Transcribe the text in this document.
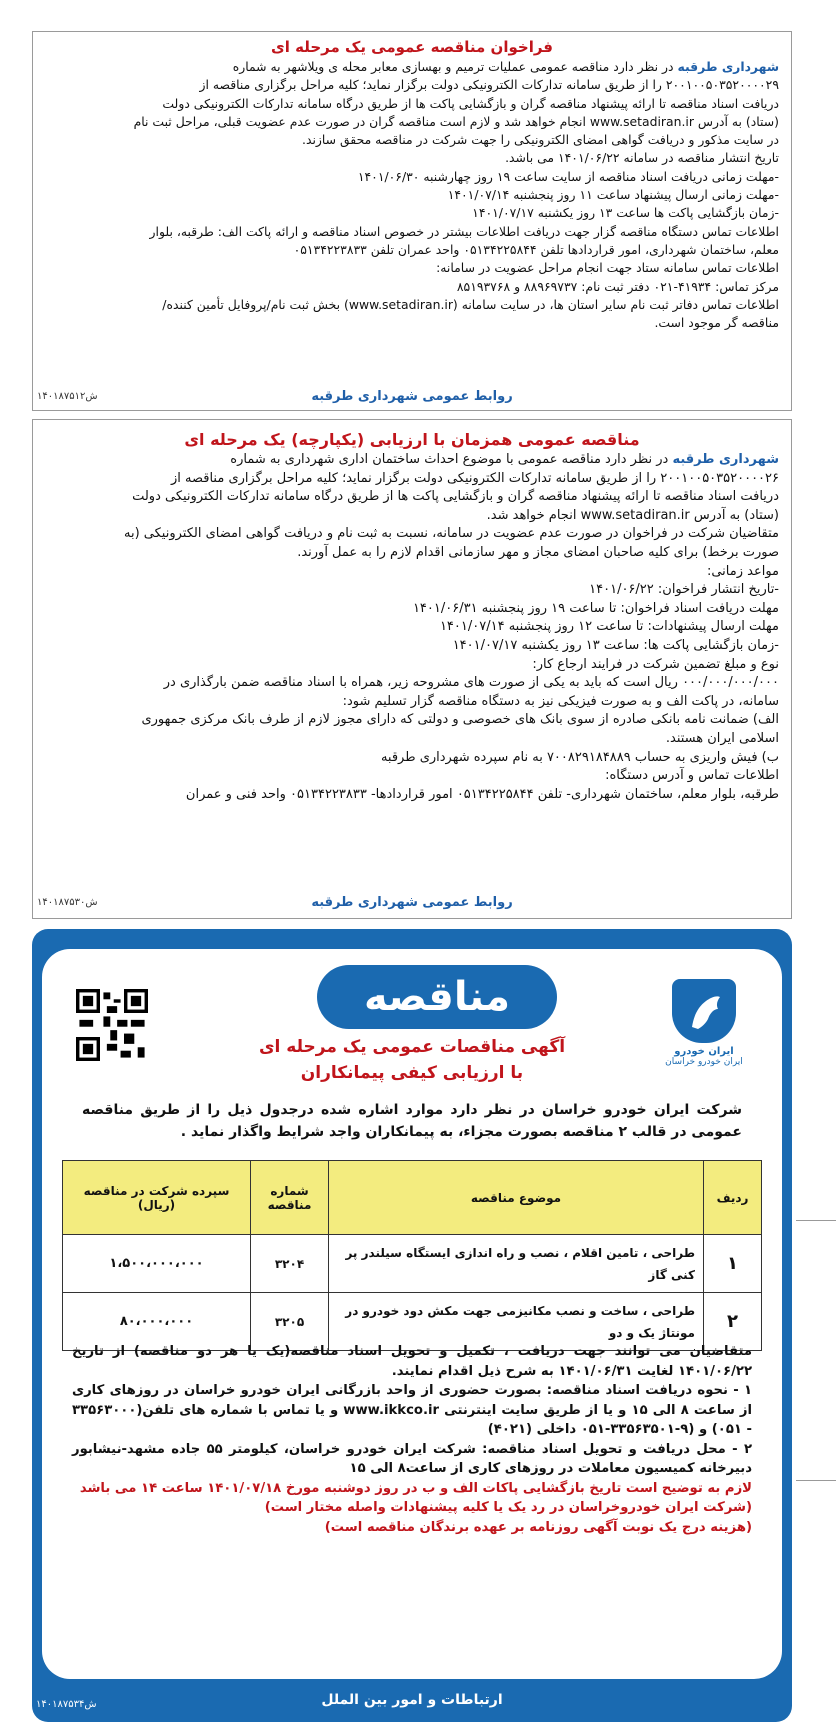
فراخوان مناقصه عمومی یک مرحله ای

شهرداری طرقبه در نظر دارد مناقصه عمومی عملیات ترمیم و بهسازی معابر محله ی ویلاشهر به شماره

۲۰۰۱۰۰۵۰۳۵۲۰۰۰۰۲۹ را از طریق سامانه تدارکات الکترونیکی دولت برگزار نماید؛ کلیه مراحل برگزاری مناقصه از

دریافت اسناد مناقصه تا ارائه پیشنهاد مناقصه گران و بازگشایی پاکت ها از طریق درگاه سامانه تدارکات الکترونیکی دولت

(ستاد) به آدرس www.setadiran.ir انجام خواهد شد و لازم است مناقصه گران در صورت عدم عضویت قبلی، مراحل ثبت نام

در سایت مذکور و دریافت گواهی امضای الکترونیکی را جهت شرکت در مناقصه محقق سازند.

تاریخ انتشار مناقصه در سامانه ۱۴۰۱/۰۶/۲۲ می باشد.

-مهلت زمانی دریافت اسناد مناقصه از سایت ساعت ۱۹ روز چهارشنبه ۱۴۰۱/۰۶/۳۰

-مهلت زمانی ارسال پیشنهاد ساعت ۱۱ روز پنجشنبه ۱۴۰۱/۰۷/۱۴

-زمان بازگشایی پاکت ها ساعت ۱۳ روز یکشنبه ۱۴۰۱/۰۷/۱۷

اطلاعات تماس دستگاه مناقصه گزار جهت دریافت اطلاعات بیشتر در خصوص اسناد مناقصه و ارائه پاکت الف: طرقبه، بلوار

معلم، ساختمان شهرداری، امور قراردادها تلفن ۰۵۱۳۴۲۲۵۸۴۴ واحد عمران تلفن ۰۵۱۳۴۲۲۳۸۳۳

اطلاعات تماس سامانه ستاد جهت انجام مراحل عضویت در سامانه:

مرکز تماس: ۴۱۹۳۴-۰۲۱ دفتر ثبت نام: ۸۸۹۶۹۷۳۷ و ۸۵۱۹۳۷۶۸

اطلاعات تماس دفاتر ثبت نام سایر استان ها، در سایت سامانه (www.setadiran.ir) بخش ثبت نام/پروفایل تأمین کننده/

مناقصه گر موجود است.

روابط عمومی شهرداری طرقبه
ش۱۴۰۱۸۷۵۱۲
مناقصه عمومی همزمان با ارزیابی (یکپارچه) یک مرحله ای

شهرداری طرقبه در نظر دارد مناقصه عمومی با موضوع احداث ساختمان اداری شهرداری به شماره

۲۰۰۱۰۰۵۰۳۵۲۰۰۰۰۲۶ را از طریق سامانه تدارکات الکترونیکی دولت برگزار نماید؛ کلیه مراحل برگزاری مناقصه از

دریافت اسناد مناقصه تا ارائه پیشنهاد مناقصه گران و بازگشایی پاکت ها از طریق درگاه سامانه تدارکات الکترونیکی دولت

(ستاد) به آدرس www.setadiran.ir انجام خواهد شد.

متقاضیان شرکت در فراخوان در صورت عدم عضویت در سامانه، نسبت به ثبت نام و دریافت گواهی امضای الکترونیکی (به

صورت برخط) برای کلیه صاحبان امضای مجاز و مهر سازمانی اقدام لازم را به عمل آورند.

مواعد زمانی:

-تاریخ انتشار فراخوان: ۱۴۰۱/۰۶/۲۲

مهلت دریافت اسناد فراخوان: تا ساعت ۱۹ روز پنجشنبه ۱۴۰۱/۰۶/۳۱

مهلت ارسال پیشنهادات: تا ساعت ۱۲ روز پنجشنبه ۱۴۰۱/۰۷/۱۴

-زمان بازگشایی پاکت ها: ساعت ۱۳ روز یکشنبه ۱۴۰۱/۰۷/۱۷

نوع و مبلغ تضمین شرکت در فرایند ارجاع کار:

۰۰۰/۰۰۰/۰۰۰/۰۰۰ ریال است که باید به یکی از صورت های مشروحه زیر، همراه با اسناد مناقصه ضمن بارگذاری در

سامانه، در پاکت الف و به صورت فیزیکی نیز به دستگاه مناقصه گزار تسلیم شود:

الف) ضمانت نامه بانکی صادره از سوی بانک های خصوصی و دولتی که دارای مجوز لازم از طرف بانک مرکزی جمهوری

اسلامی ایران هستند.

ب) فیش واریزی به حساب ۷۰۰۸۲۹۱۸۴۸۸۹ به نام سپرده شهرداری طرقبه

اطلاعات تماس و آدرس دستگاه:

طرقبه، بلوار معلم، ساختمان شهرداری- تلفن ۰۵۱۳۴۲۲۵۸۴۴ امور قراردادها- ۰۵۱۳۴۲۲۳۸۳۳ واحد فنی و عمران

روابط عمومی شهرداری طرقبه
ش۱۴۰۱۸۷۵۳۰
مناقصه
ایران خودرو
ایران خودرو خراسان
آگهی مناقصات عمومی یک مرحله ای
با ارزیابی کیفی پیمانکاران
شرکت ایران خودرو خراسان در نظر دارد موارد اشاره شده درجدول ذیل را از طریق مناقصه عمومی در قالب ۲ مناقصه بصورت مجزاء، به پیمانکاران واجد شرایط واگذار نماید .
ردیف	موضوع مناقصه	شماره مناقصه	سپرده شرکت در مناقصه (ریال)
۱	طراحی ، تامین اقلام ، نصب و راه اندازی ایستگاه سیلندر پر کنی گاز	۳۲۰۴	۱،۵۰۰،۰۰۰،۰۰۰
۲	طراحی ، ساخت و نصب مکانیزمی جهت مکش دود خودرو در مونتاژ یک و دو	۳۲۰۵	۸۰،۰۰۰،۰۰۰

متقاضیان می توانند جهت دریافت ، تکمیل و تحویل اسناد مناقصه(یک یا هر دو مناقصه) از تاریخ ۱۴۰۱/۰۶/۲۲ لغایت ۱۴۰۱/۰۶/۳۱ به شرح ذیل اقدام نمایند.

۱ - نحوه دریافت اسناد مناقصه: بصورت حضوری از واحد بازرگانی ایران خودرو خراسان در روزهای کاری از ساعت ۸ الی ۱۵ و یا از طریق سایت اینترنتی www.ikkco.ir و یا تماس با شماره های تلفن(۳۳۵۶۳۰۰۰ - ۰۵۱) و (۹-۳۳۵۶۳۵۰۱-۰۵۱ داخلی (۴۰۲۱)

۲ - محل دریافت و تحویل اسناد مناقصه: شرکت ایران خودرو خراسان، کیلومتر ۵۵ جاده مشهد-نیشابور دبیرخانه کمیسیون معاملات در روزهای کاری از ساعت۸ الی ۱۵

لازم به توضیح است تاریخ بازگشایی پاکات الف و ب در روز دوشنبه مورخ ۱۴۰۱/۰۷/۱۸ ساعت ۱۴ می باشد

(شرکت ایران خودروخراسان در رد یک یا کلیه پیشنهادات واصله مختار است)

(هزینه درج یک نوبت آگهی روزنامه بر عهده برندگان مناقصه است)

ارتباطات و امور بین الملل
ش۱۴۰۱۸۷۵۳۴
